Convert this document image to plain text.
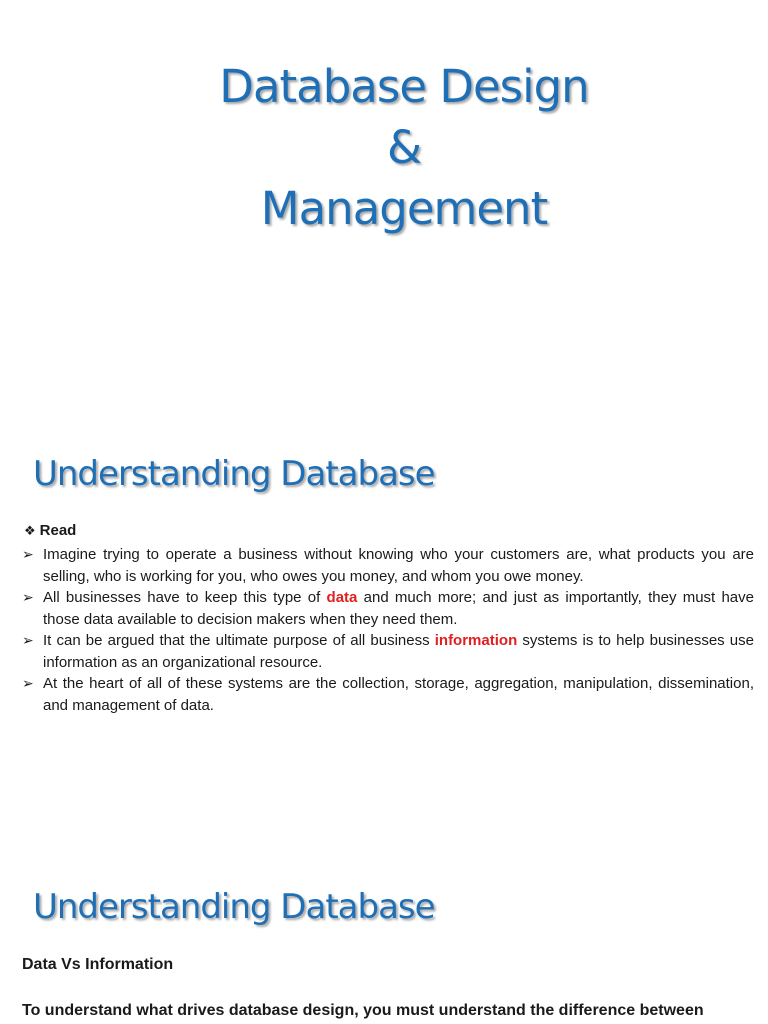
Database Design
&
Management
Understanding Database
❖ Read
➢ Imagine trying to operate a business without knowing who your customers are, what products you are selling, who is working for you, who owes you money, and whom you owe money.
➢ All businesses have to keep this type of data and much more; and just as importantly, they must have those data available to decision makers when they need them.
➢ It can be argued that the ultimate purpose of all business information systems is to help businesses use information as an organizational resource.
➢ At the heart of all of these systems are the collection, storage, aggregation, manipulation, dissemination, and management of data.
Understanding Database
Data Vs Information
To understand what drives database design, you must understand the difference between
